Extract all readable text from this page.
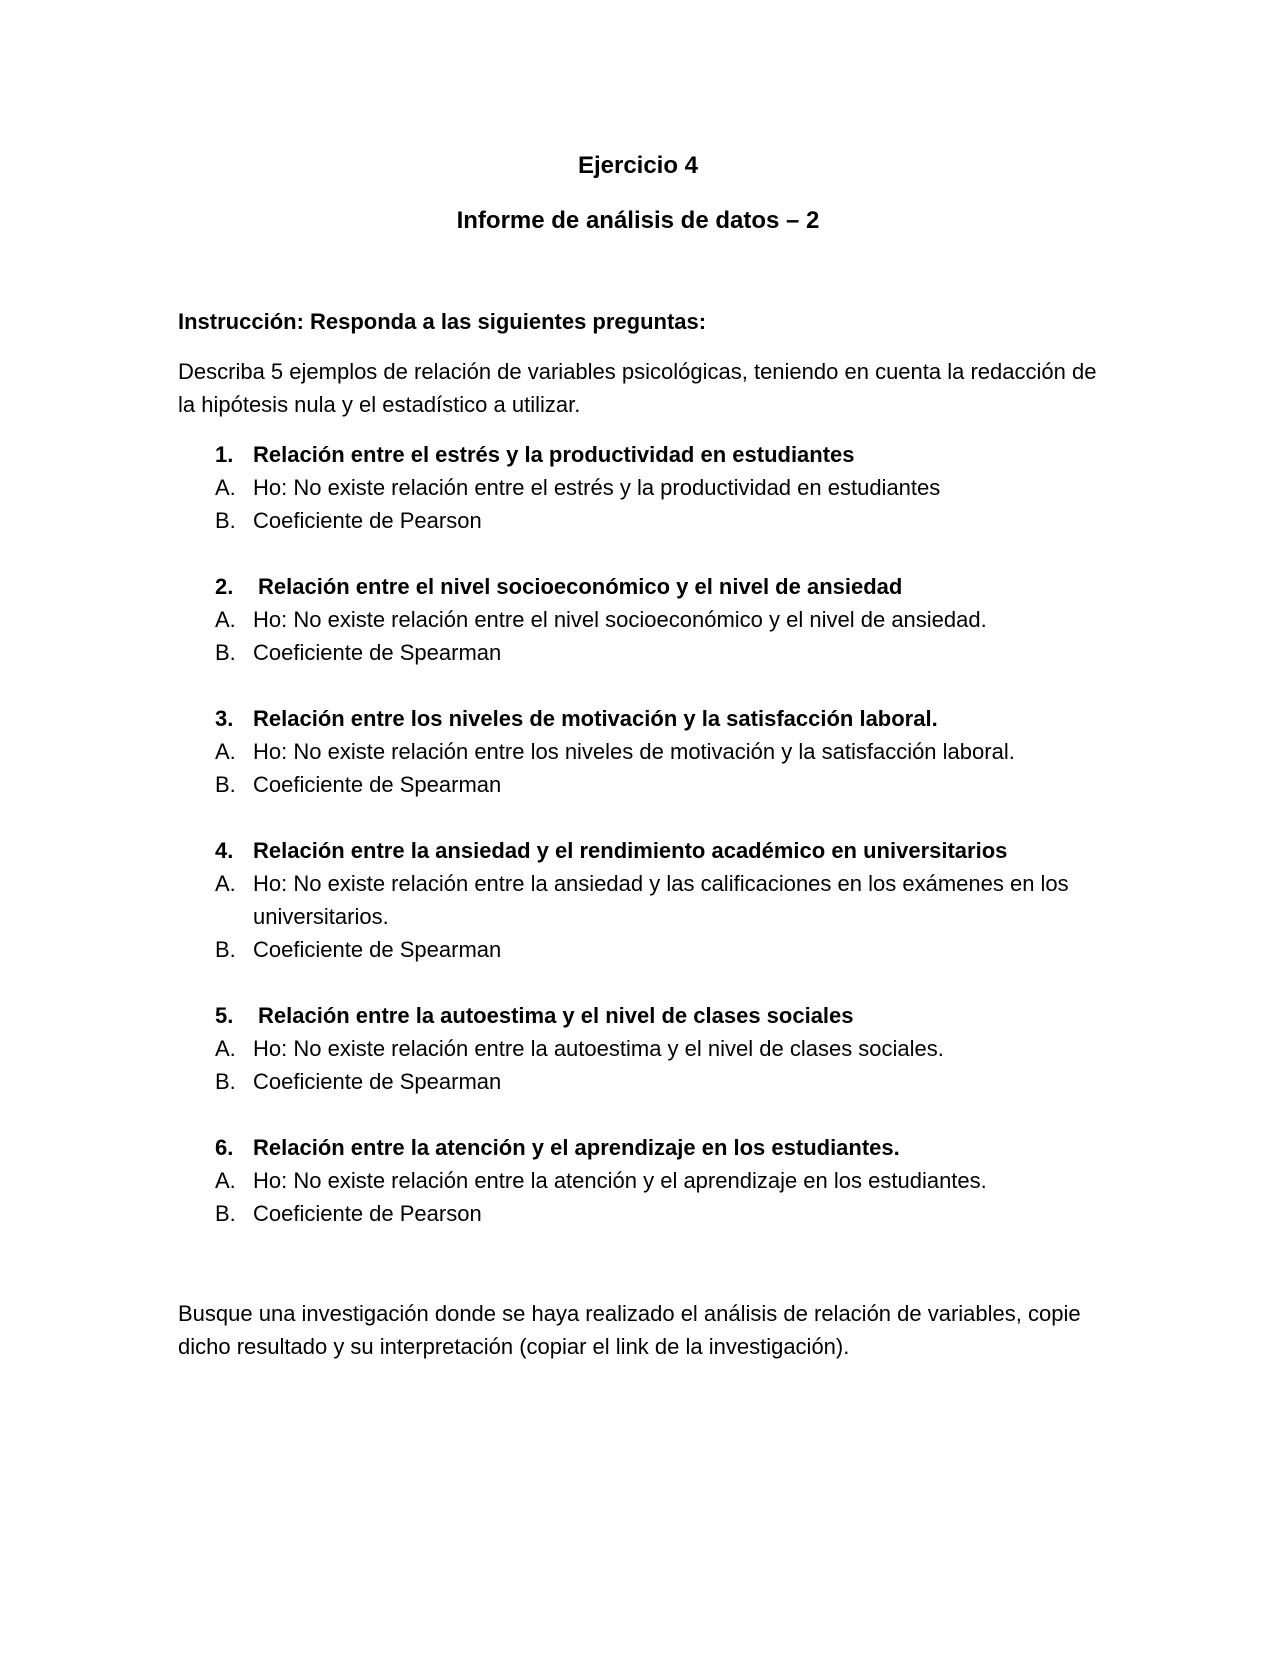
Ejercicio 4
Informe de análisis de datos – 2
Instrucción: Responda a las siguientes preguntas:
Describa 5 ejemplos de relación de variables psicológicas, teniendo en cuenta la redacción de la hipótesis nula y el estadístico a utilizar.
1. Relación entre el estrés y la productividad en estudiantes
A. Ho: No existe relación entre el estrés y la productividad en estudiantes
B. Coeficiente de Pearson
2.	Relación entre el nivel socioeconómico y el nivel de ansiedad
A. Ho: No existe relación entre el nivel socioeconómico y el nivel de ansiedad.
B. Coeficiente de Spearman
3. Relación entre los niveles de motivación y la satisfacción laboral.
A. Ho: No existe relación entre los niveles de motivación y la satisfacción laboral.
B. Coeficiente de Spearman
4. Relación entre la ansiedad y el rendimiento académico en universitarios
A. Ho: No existe relación entre la ansiedad y las calificaciones en los exámenes en los universitarios.
B. Coeficiente de Spearman
5.	Relación entre la autoestima y el nivel de clases sociales
A. Ho: No existe relación entre la autoestima y el nivel de clases sociales.
B. Coeficiente de Spearman
6. Relación entre la atención y el aprendizaje en los estudiantes.
A. Ho: No existe relación entre la atención y el aprendizaje en los estudiantes.
B. Coeficiente de Pearson
Busque una investigación donde se haya realizado el análisis de relación de variables, copie dicho resultado y su interpretación (copiar el link de la investigación).
